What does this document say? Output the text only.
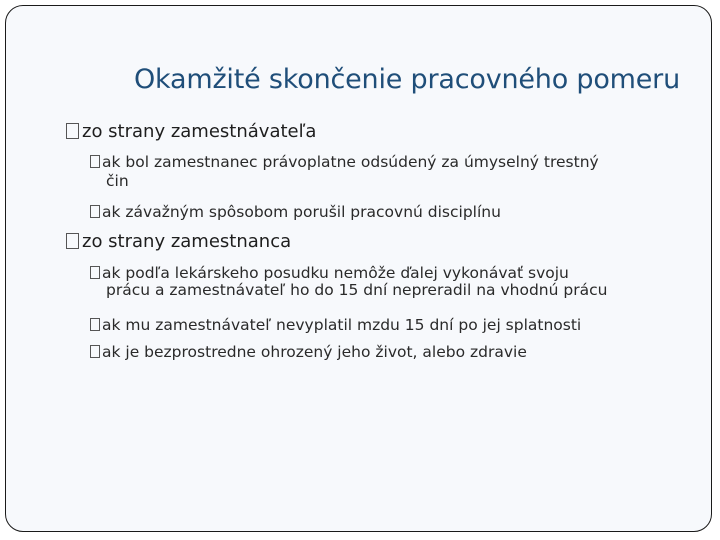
Okamžité skončenie pracovného pomeru
zo strany zamestnávateľa
ak bol zamestnanec právoplatne odsúdený za úmyselný trestný
čin
ak závažným spôsobom porušil pracovnú disciplínu
zo strany zamestnanca
ak podľa lekárskeho posudku nemôže ďalej vykonávať svoju
prácu a zamestnávateľ ho do 15 dní nepreradil na vhodnú prácu
ak mu zamestnávateľ nevyplatil mzdu 15 dní po jej splatnosti
ak je bezprostredne ohrozený jeho život, alebo zdravie
